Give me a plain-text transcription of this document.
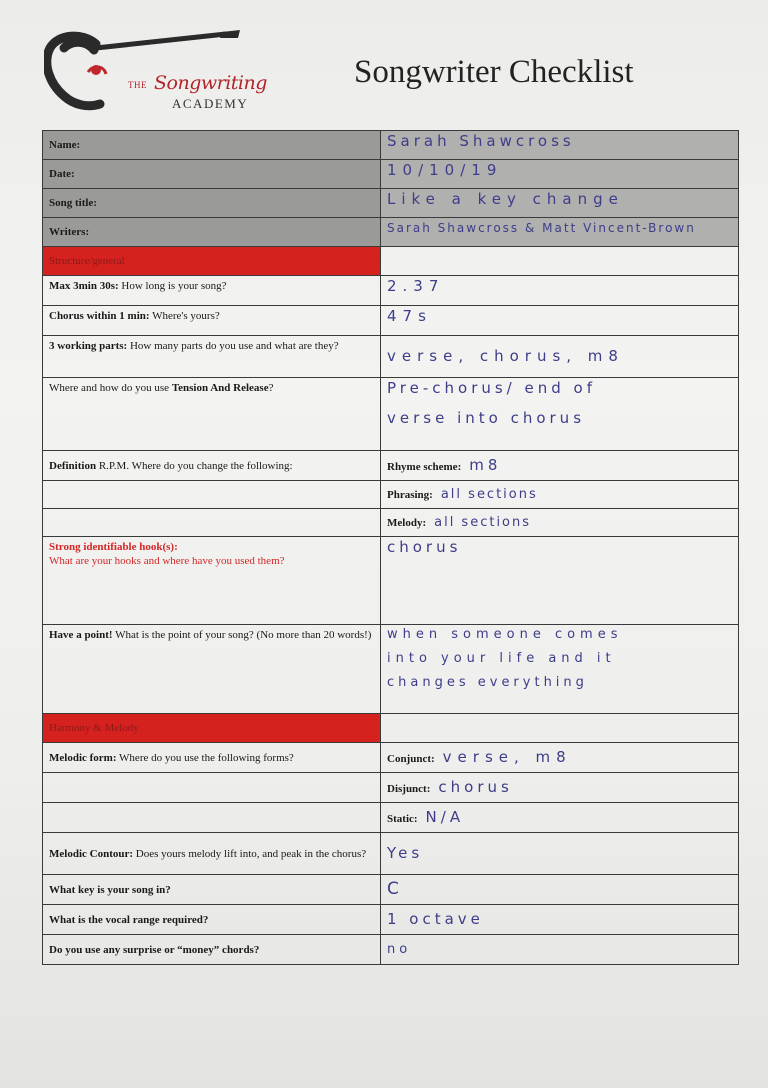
THE Songwriting
ACADEMY
Songwriter Checklist
Name:	Sarah Shawcross
Date:	10/10/19
Song title:	Like a key change
Writers:	Sarah Shawcross & Matt Vincent-Brown
Structure/general	
Max 3min 30s: How long is your song?	2.37
Chorus within 1 min: Where's yours?	47s
3 working parts: How many parts do you use and what are they?	verse, chorus, m8
Where and how do you use Tension And Release?	Pre-chorus/ end of
verse into chorus

Definition R.P.M. Where do you change the following:	Rhyme scheme: m8
	Phrasing: all sections
	Melody: all sections
Strong identifiable hook(s):
What are your hooks and where have you used them?	chorus
Have a point! What is the point of your song? (No more than 20 words!)	when someone comes
into your life and it
changes everything

Harmony & Melody	
Melodic form: Where do you use the following forms?	Conjunct: verse, m8
	Disjunct: chorus
	Static: N/A
Melodic Contour: Does yours melody lift into, and peak in the chorus?	Yes
What key is your song in?	C
What is the vocal range required?	1 octave
Do you use any surprise or “money” chords?	no
